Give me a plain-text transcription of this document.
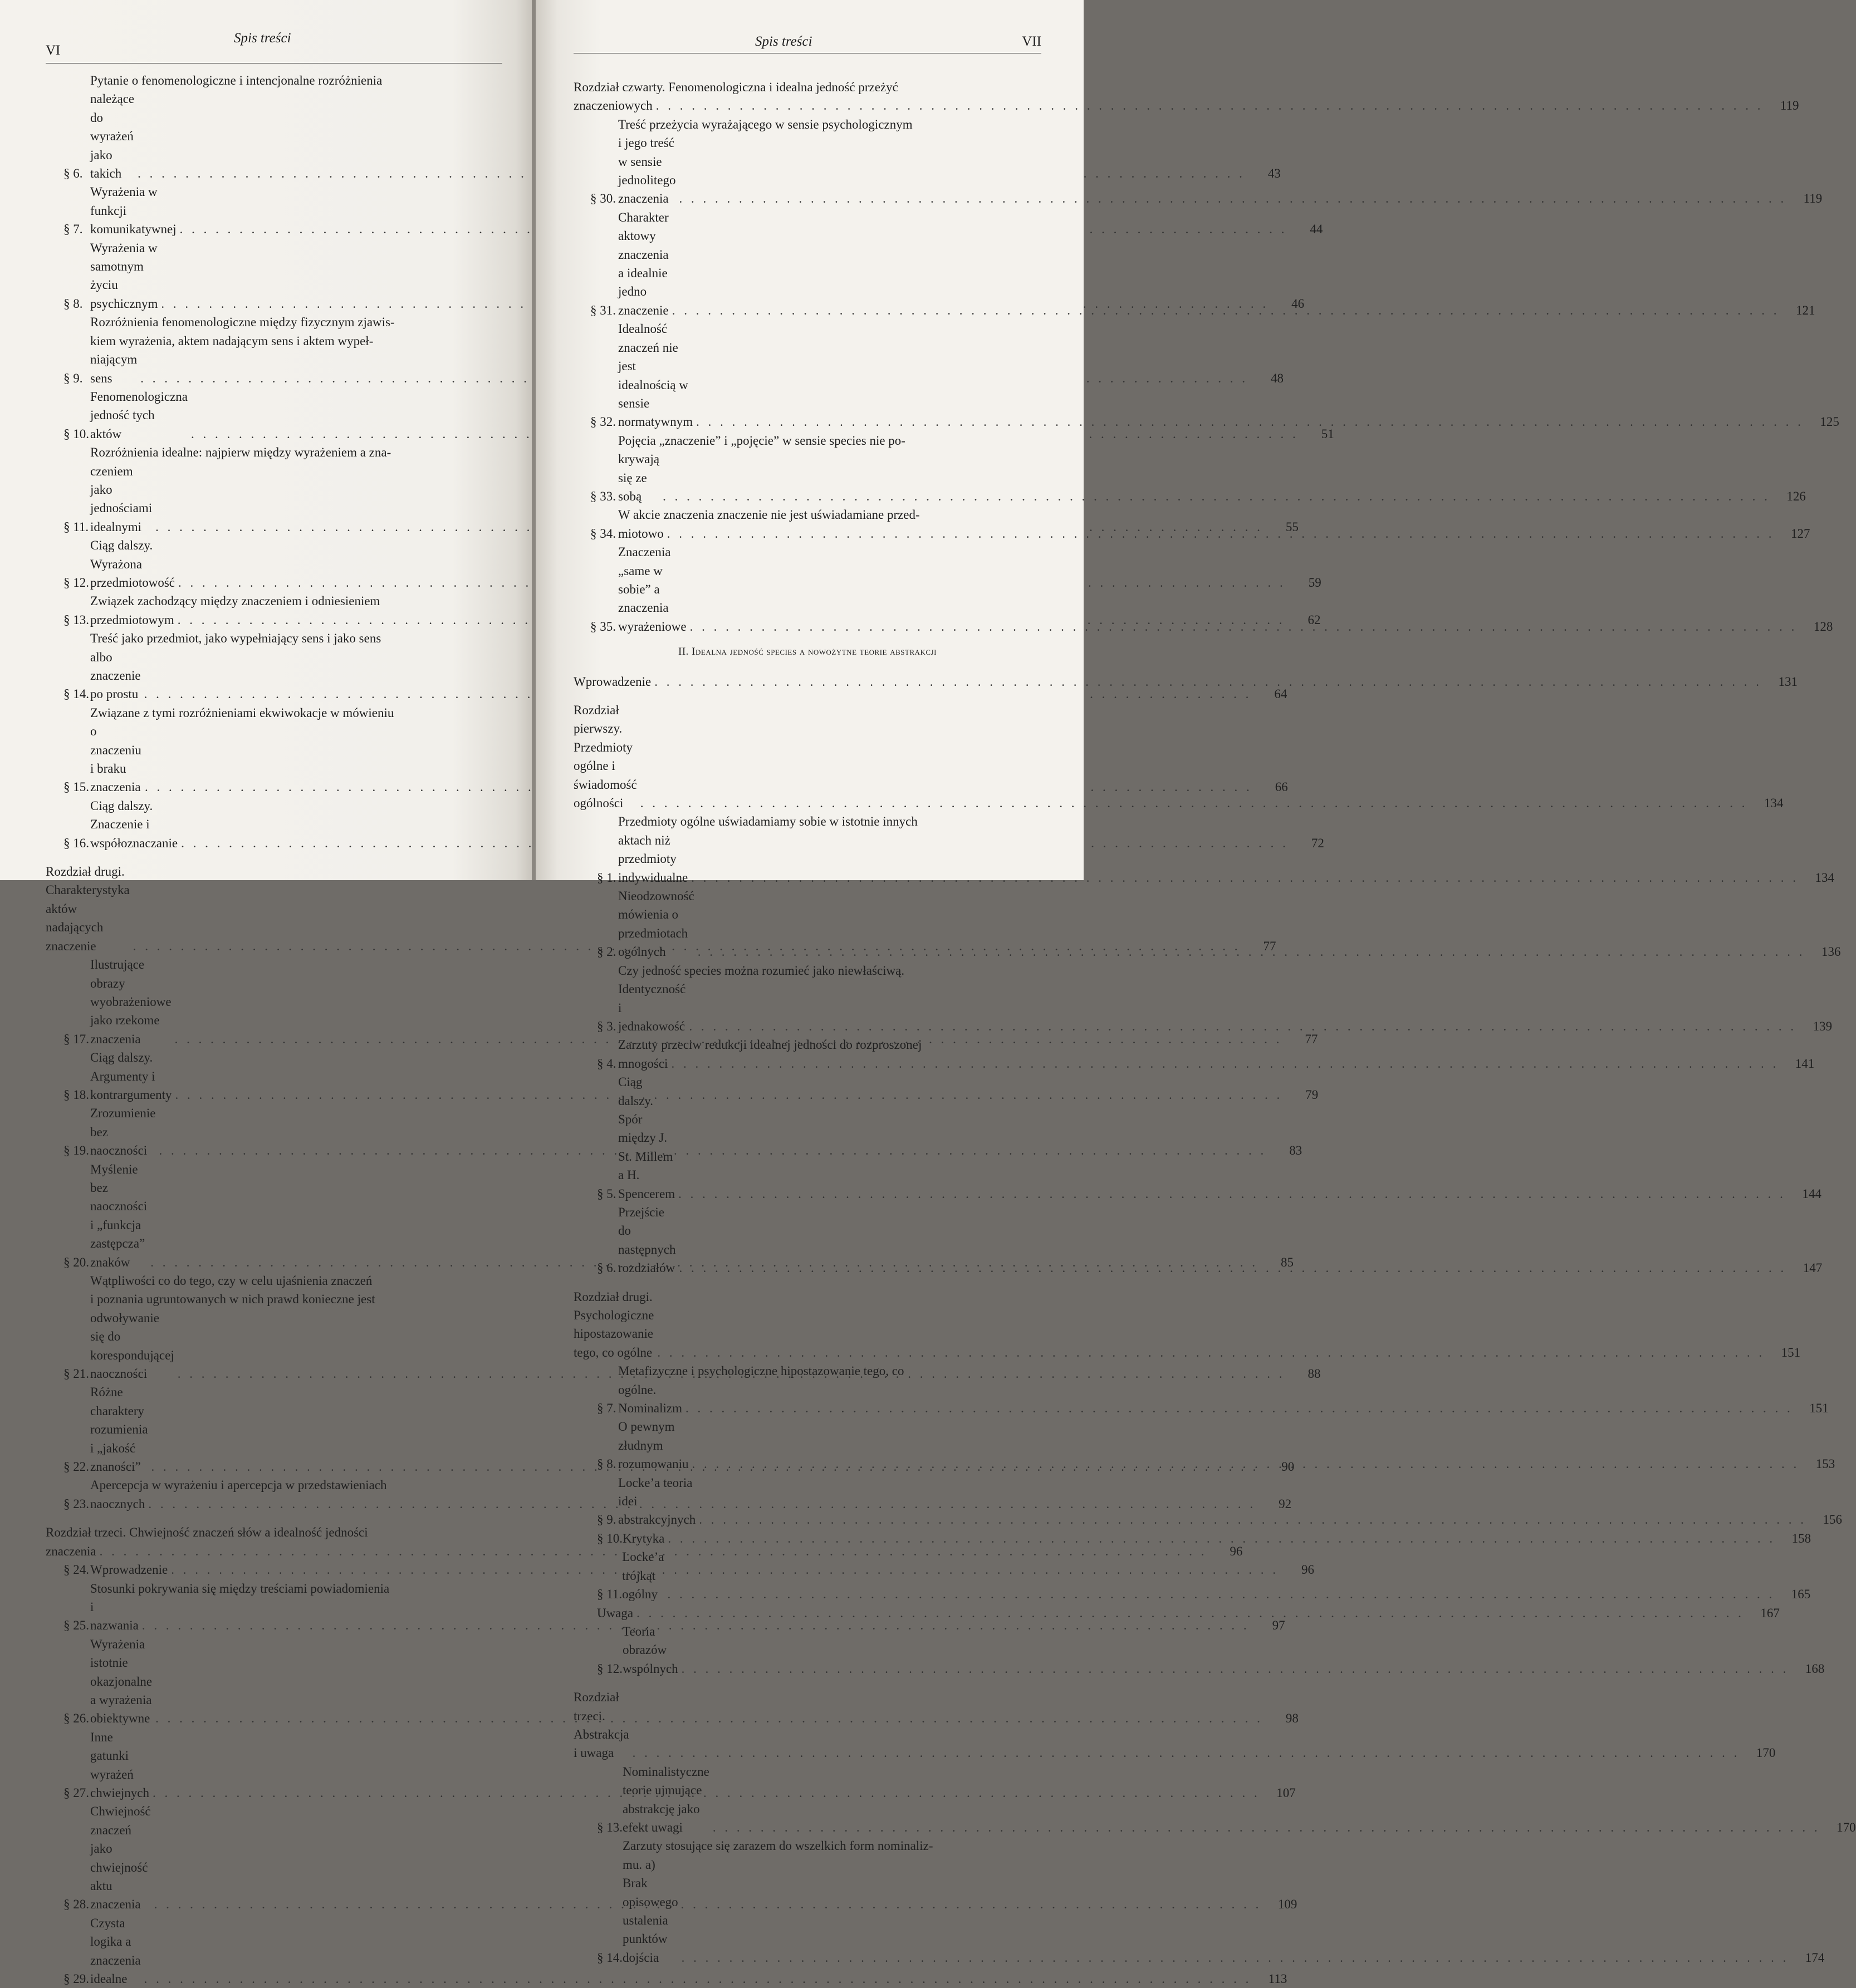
VI
Spis treści
§ 6.
Pytanie o fenomenologiczne i intencjonalne rozróżnienia
należące do wyrażeń jako takich . . .	43
§ 7.
Wyrażenia w funkcji komunikatywnej . . .	44
§ 8.
Wyrażenia w samotnym życiu psychicznym . . .	46
§ 9.
Rozróżnienia fenomenologiczne między fizycznym zjawis-
kiem wyrażenia, aktem nadającym sens i aktem wypeł-
niającym sens . . .	48
§ 10.
Fenomenologiczna jedność tych aktów . . .	51
§ 11.
Rozróżnienia idealne: najpierw między wyrażeniem a zna-
czeniem jako jednościami idealnymi . . .	55
§ 12.
Ciąg dalszy. Wyrażona przedmiotowość . . .	59
§ 13.
Związek zachodzący między znaczeniem i odniesieniem
przedmiotowym . . .	62
§ 14.
Treść jako przedmiot, jako wypełniający sens i jako sens
albo znaczenie po prostu . . .	64
§ 15.
Związane z tymi rozróżnieniami ekwiwokacje w mówieniu
o znaczeniu i braku znaczenia . . .	66
§ 16.
Ciąg dalszy. Znaczenie i współoznaczanie . . .	72
Rozdział drugi. Charakterystyka aktów nadających znaczenie . . .	77
§ 17.
Ilustrujące obrazy wyobrażeniowe jako rzekome znaczenia . . .	77
§ 18.
Ciąg dalszy. Argumenty i kontrargumenty . . .	79
§ 19.
Zrozumienie bez naoczności . . .	83
§ 20.
Myślenie bez naoczności i „funkcja zastępcza” znaków . . .	85
§ 21.
Wątpliwości co do tego, czy w celu ujaśnienia znaczeń
i poznania ugruntowanych w nich prawd konieczne jest
odwoływanie się do korespondującej naoczności . . .	88
§ 22.
Różne charaktery rozumienia i „jakość znaności” . . .	90
§ 23.
Apercepcja w wyrażeniu i apercepcja w przedstawieniach
naocznych . . .	92
Rozdział trzeci. Chwiejność znaczeń słów a idealność jedności
znaczenia . . .	96
§ 24. Wprowadzenie . . .	96
§ 25.
Stosunki pokrywania się między treściami powiadomienia
i nazwania . . .	97
§ 26.
Wyrażenia istotnie okazjonalne a wyrażenia obiektywne . . .	98
§ 27.
Inne gatunki wyrażeń chwiejnych . . .	107
§ 28.
Chwiejność znaczeń jako chwiejność aktu znaczenia . . .	109
§ 29.
Czysta logika a znaczenia idealne . . .	113
Spis treści	VII
Rozdział czwarty. Fenomenologiczna i idealna jedność przeżyć
znaczeniowych . . .	119
§ 30.
Treść przeżycia wyrażającego w sensie psychologicznym
i jego treść w sensie jednolitego znaczenia . . .	119
§ 31.
Charakter aktowy znaczenia a idealnie jedno znaczenie . . .	121
§ 32.
Idealność znaczeń nie jest idealnością w sensie normatywnym . . .	125
§ 33.
Pojęcia „znaczenie” i „pojęcie” w sensie species nie po-
krywają się ze sobą . . .	126
§ 34.
W akcie znaczenia znaczenie nie jest uświadamiane przed-
miotowo . . .	127
§ 35.
Znaczenia „same w sobie” a znaczenia wyrażeniowe . . .	128
II. Idealna jedność species a nowożytne teorie abstrakcji
Wprowadzenie . . .	131
Rozdział pierwszy. Przedmioty ogólne i świadomość ogólności . . .	134
§ 1.
Przedmioty ogólne uświadamiamy sobie w istotnie innych
aktach niż przedmioty indywidualne . . .	134
§ 2.
Nieodzowność mówienia o przedmiotach ogólnych . . .	136
§ 3.
Czy jedność species można rozumieć jako niewłaściwą.
Identyczność i jednakowość . . .	139
§ 4.
Zarzuty przeciw redukcji idealnej jedności do rozproszonej
mnogości . . .	141
§ 5.
Ciąg dalszy. Spór między J. St. Millem a H. Spencerem . . .	144
§ 6.
Przejście do następnych rozdziałów . . .	147
Rozdział drugi. Psychologiczne hipostazowanie tego, co ogólne . . .	151
§ 7.
Metafizyczne i psychologiczne hipostazowanie tego, co
ogólne. Nominalizm . . .	151
§ 8.
O pewnym złudnym rozumowaniu . . .	153
§ 9.
Locke’a teoria idei abstrakcyjnych . . .	156
§ 10. Krytyka . . .	158
§ 11.
Locke’a trójkąt ogólny . . .	165
Uwaga . . .	167
§ 12.
Teoria obrazów wspólnych . . .	168
Rozdział trzeci. Abstrakcja i uwaga . . .	170
§ 13.
Nominalistyczne teorie ujmujące abstrakcję jako efekt uwagi . . .	170
§ 14.
Zarzuty stosujące się zarazem do wszelkich form nominaliz-
mu. a) Brak opisowego ustalenia punktów dojścia . . .	174
